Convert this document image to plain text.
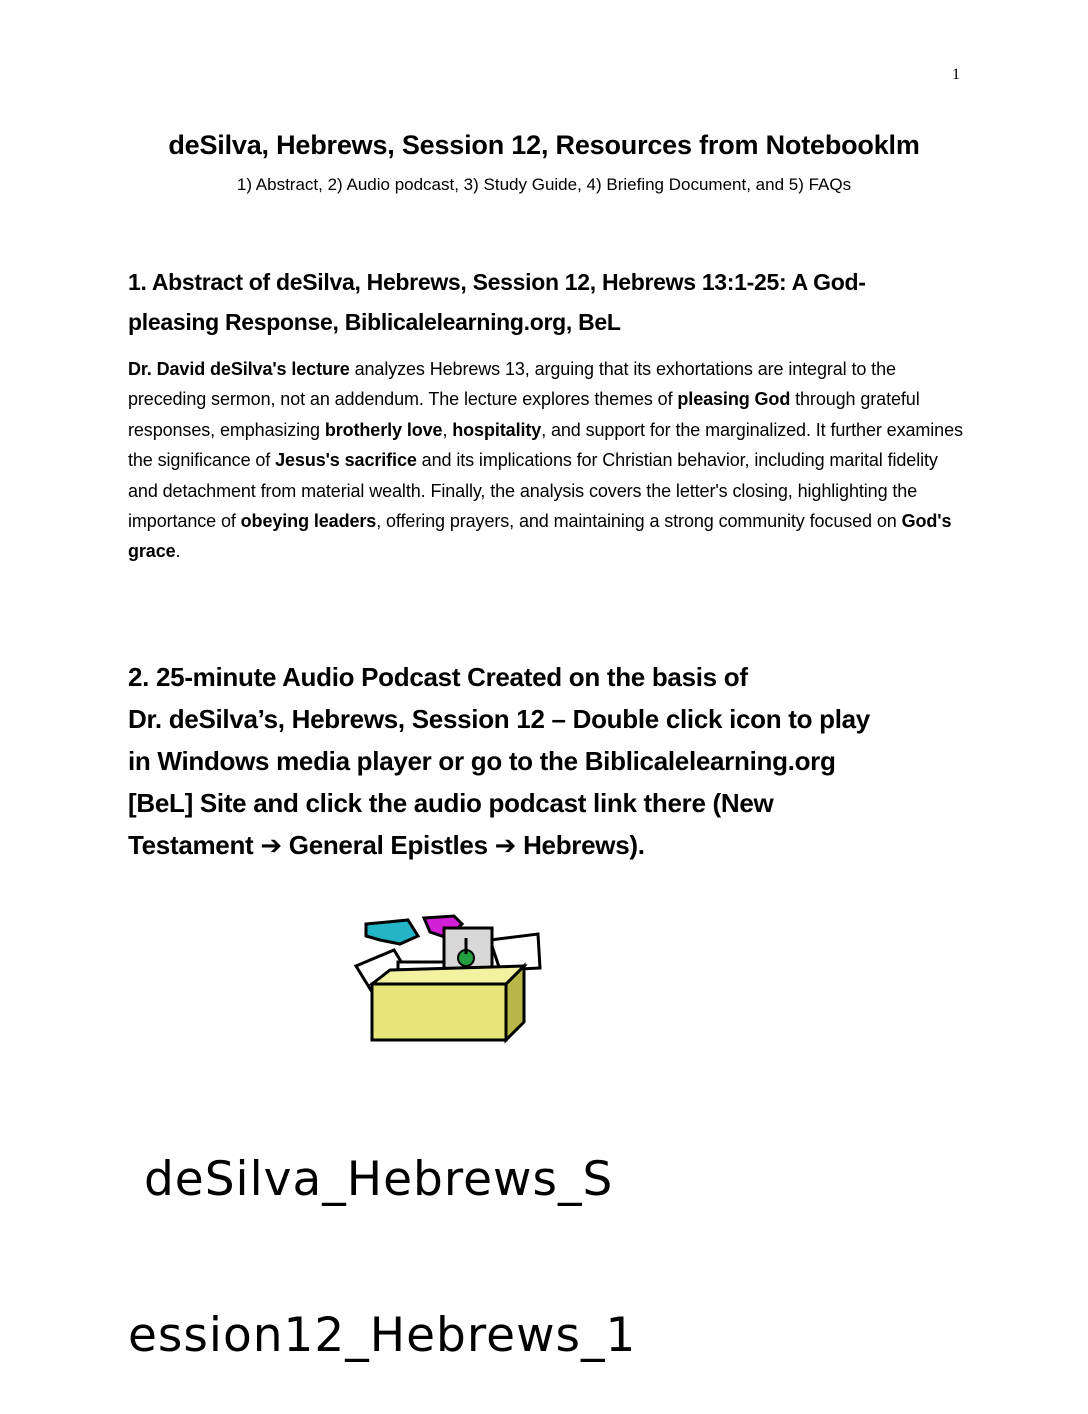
1
deSilva, Hebrews, Session 12, Resources from Notebooklm
1) Abstract, 2) Audio podcast, 3) Study Guide, 4) Briefing Document, and 5) FAQs
1. Abstract of deSilva, Hebrews, Session 12, Hebrews 13:1-25: A God-
pleasing Response, Biblicalelearning.org, BeL
Dr. David deSilva's lecture analyzes Hebrews 13, arguing that its exhortations are integral to the preceding sermon, not an addendum. The lecture explores themes of pleasing God through grateful responses, emphasizing brotherly love, hospitality, and support for the marginalized. It further examines the significance of Jesus's sacrifice and its implications for Christian behavior, including marital fidelity and detachment from material wealth. Finally, the analysis covers the letter's closing, highlighting the importance of obeying leaders, offering prayers, and maintaining a strong community focused on God's grace.
2. 25-minute Audio Podcast Created on the basis of
Dr. deSilva’s, Hebrews, Session 12 – Double click icon to play
in Windows media player or go to the Biblicalelearning.org
[BeL] Site and click the audio podcast link there (New
Testament ➔ General Epistles ➔ Hebrews).

deSilva_Hebrews_S

ession12_Hebrews_1
